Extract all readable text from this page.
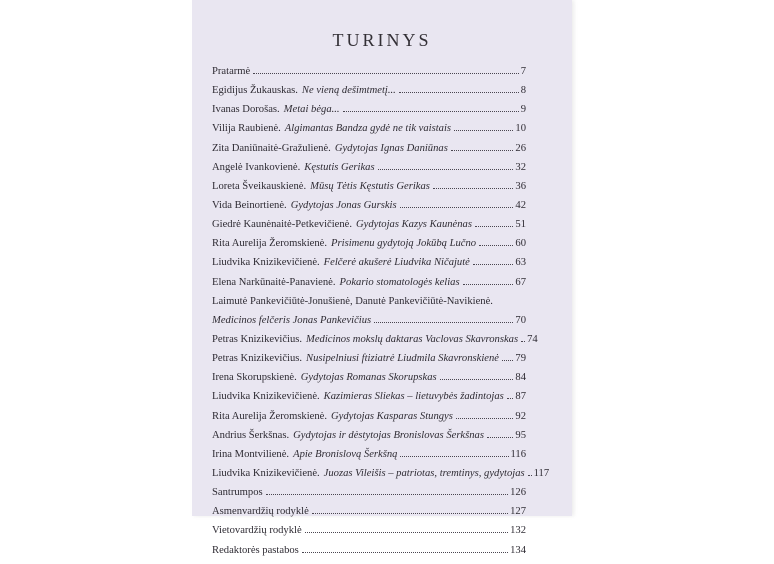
TURINYS
Pratarmė	7
Egidijus Žukauskas. Ne vieną dešimtmetį...	8
Ivanas Dorošas. Metai bėga...	9
Vilija Raubienė. Algimantas Bandza gydė ne tik vaistais	10
Zita Daniūnaitė-Gražulienė. Gydytojas Ignas Daniūnas	26
Angelė Ivankovienė. Kęstutis Gerikas	32
Loreta Šveikauskienė. Mūsų Tėtis Kęstutis Gerikas	36
Vida Beinortienė. Gydytojas Jonas Gurskis	42
Giedrė Kaunėnaitė-Petkevičienė. Gydytojas Kazys Kaunėnas	51
Rita Aurelija Žeromskienė. Prisimenu gydytoją Jokūbą Lučno	60
Liudvika Knizikevičienė. Felčerė akušerė Liudvika Ničajutė	63
Elena Narkūnaitė-Panavienė. Pokario stomatologės kelias	67
Laimutė Pankevičiūtė-Jonušienė, Danutė Pankevičiūtė-Navikienė.
Medicinos felčeris Jonas Pankevičius	70
Petras Knizikevičius. Medicinos mokslų daktaras Vaclovas Skavronskas 74
Petras Knizikevičius. Nusipelniusi ftiziatrė Liudmila Skavronskienė 79
Irena Skorupskienė. Gydytojas Romanas Skorupskas	84
Liudvika Knizikevičienė. Kazimieras Sliekas – lietuvybės žadintojas 87
Rita Aurelija Žeromskienė. Gydytojas Kasparas Stungys	92
Andrius Šerkšnas. Gydytojas ir dėstytojas Bronislovas Šerkšnas	95
Irina Montvilienė. Apie Bronislovą Šerkšną	116
Liudvika Knizikevičienė. Juozas Vileišis – patriotas, tremtinys, gydytojas 117
Santrumpos	126
Asmenvardžių rodyklė	127
Vietovardžių rodyklė	132
Redaktorės pastabos	134
